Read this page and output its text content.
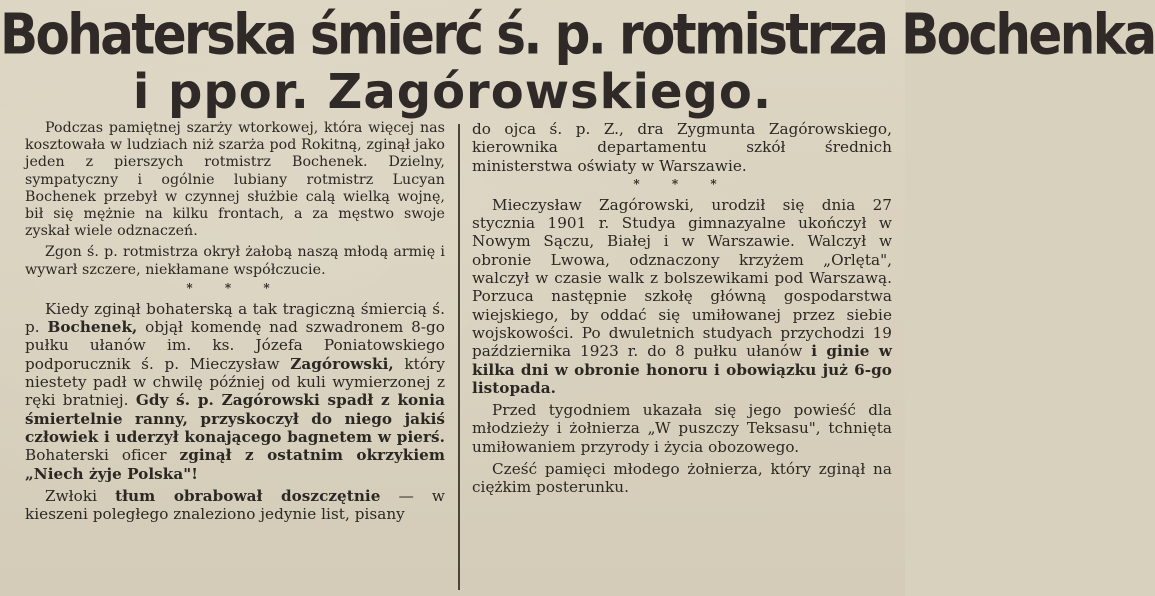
Bohaterska śmierć ś. p. rotmistrza Bochenka
i ppor. Zagórowskiego.

Podczas pamiętnej szarży wtorkowej, która więcej nas kosztowała w ludziach niż szarża pod Rokitną, zginął jako jeden z pierszych rotmistrz Bochenek. Dzielny, sympatyczny i ogólnie lubiany rotmistrz Lucyan Bochenek przebył w czynnej służbie calą wielką wojnę, bił się mężnie na kilku frontach, a za męstwo swoje zyskał wiele odznaczeń.

Zgon ś. p. rotmistrza okrył żałobą naszą młodą armię i wywarł szczere, niekłamane współczucie.

* * *

Kiedy zginął bohaterską a tak tragiczną śmiercią ś. p. Bochenek, objął komendę nad szwadronem 8-go pułku ułanów im. ks. Józefa Poniatowskiego podporucznik ś. p. Mieczysław Zagórowski, który niestety padł w chwilę później od kuli wymierzonej z ręki bratniej. Gdy ś. p. Zagórowski spadł z konia śmiertelnie ranny, przyskoczył do niego jakiś człowiek i uderzył konającego bagnetem w pierś. Bohaterski oficer zginął z ostatnim okrzykiem „Niech żyje Polska"!

Zwłoki tłum obrabował doszczętnie — w kieszeni poległego znaleziono jedynie list, pisany

do ojca ś. p. Z., dra Zygmunta Zagórowskiego, kierownika departamentu szkół średnich ministerstwa oświaty w Warszawie.

* * *

Mieczysław Zagórowski, urodził się dnia 27 stycznia 1901 r. Studya gimnazyalne ukończył w Nowym Sączu, Białej i w Warszawie. Walczył w obronie Lwowa, odznaczony krzyżem „Orlęta", walczył w czasie walk z bolszewikami pod Warszawą. Porzuca następnie szkołę główną gospodarstwa wiejskiego, by oddać się umiłowanej przez siebie wojskowości. Po dwuletnich studyach przychodzi 19 października 1923 r. do 8 pułku ułanów i ginie w kilka dni w obronie honoru i obowiązku już 6-go listopada.

Przed tygodniem ukazała się jego powieść dla młodzieży i żołnierza „W puszczy Teksasu", tchnięta umiłowaniem przyrody i życia obozowego.

Cześć pamięci młodego żołnierza, który zginął na ciężkim posterunku.
